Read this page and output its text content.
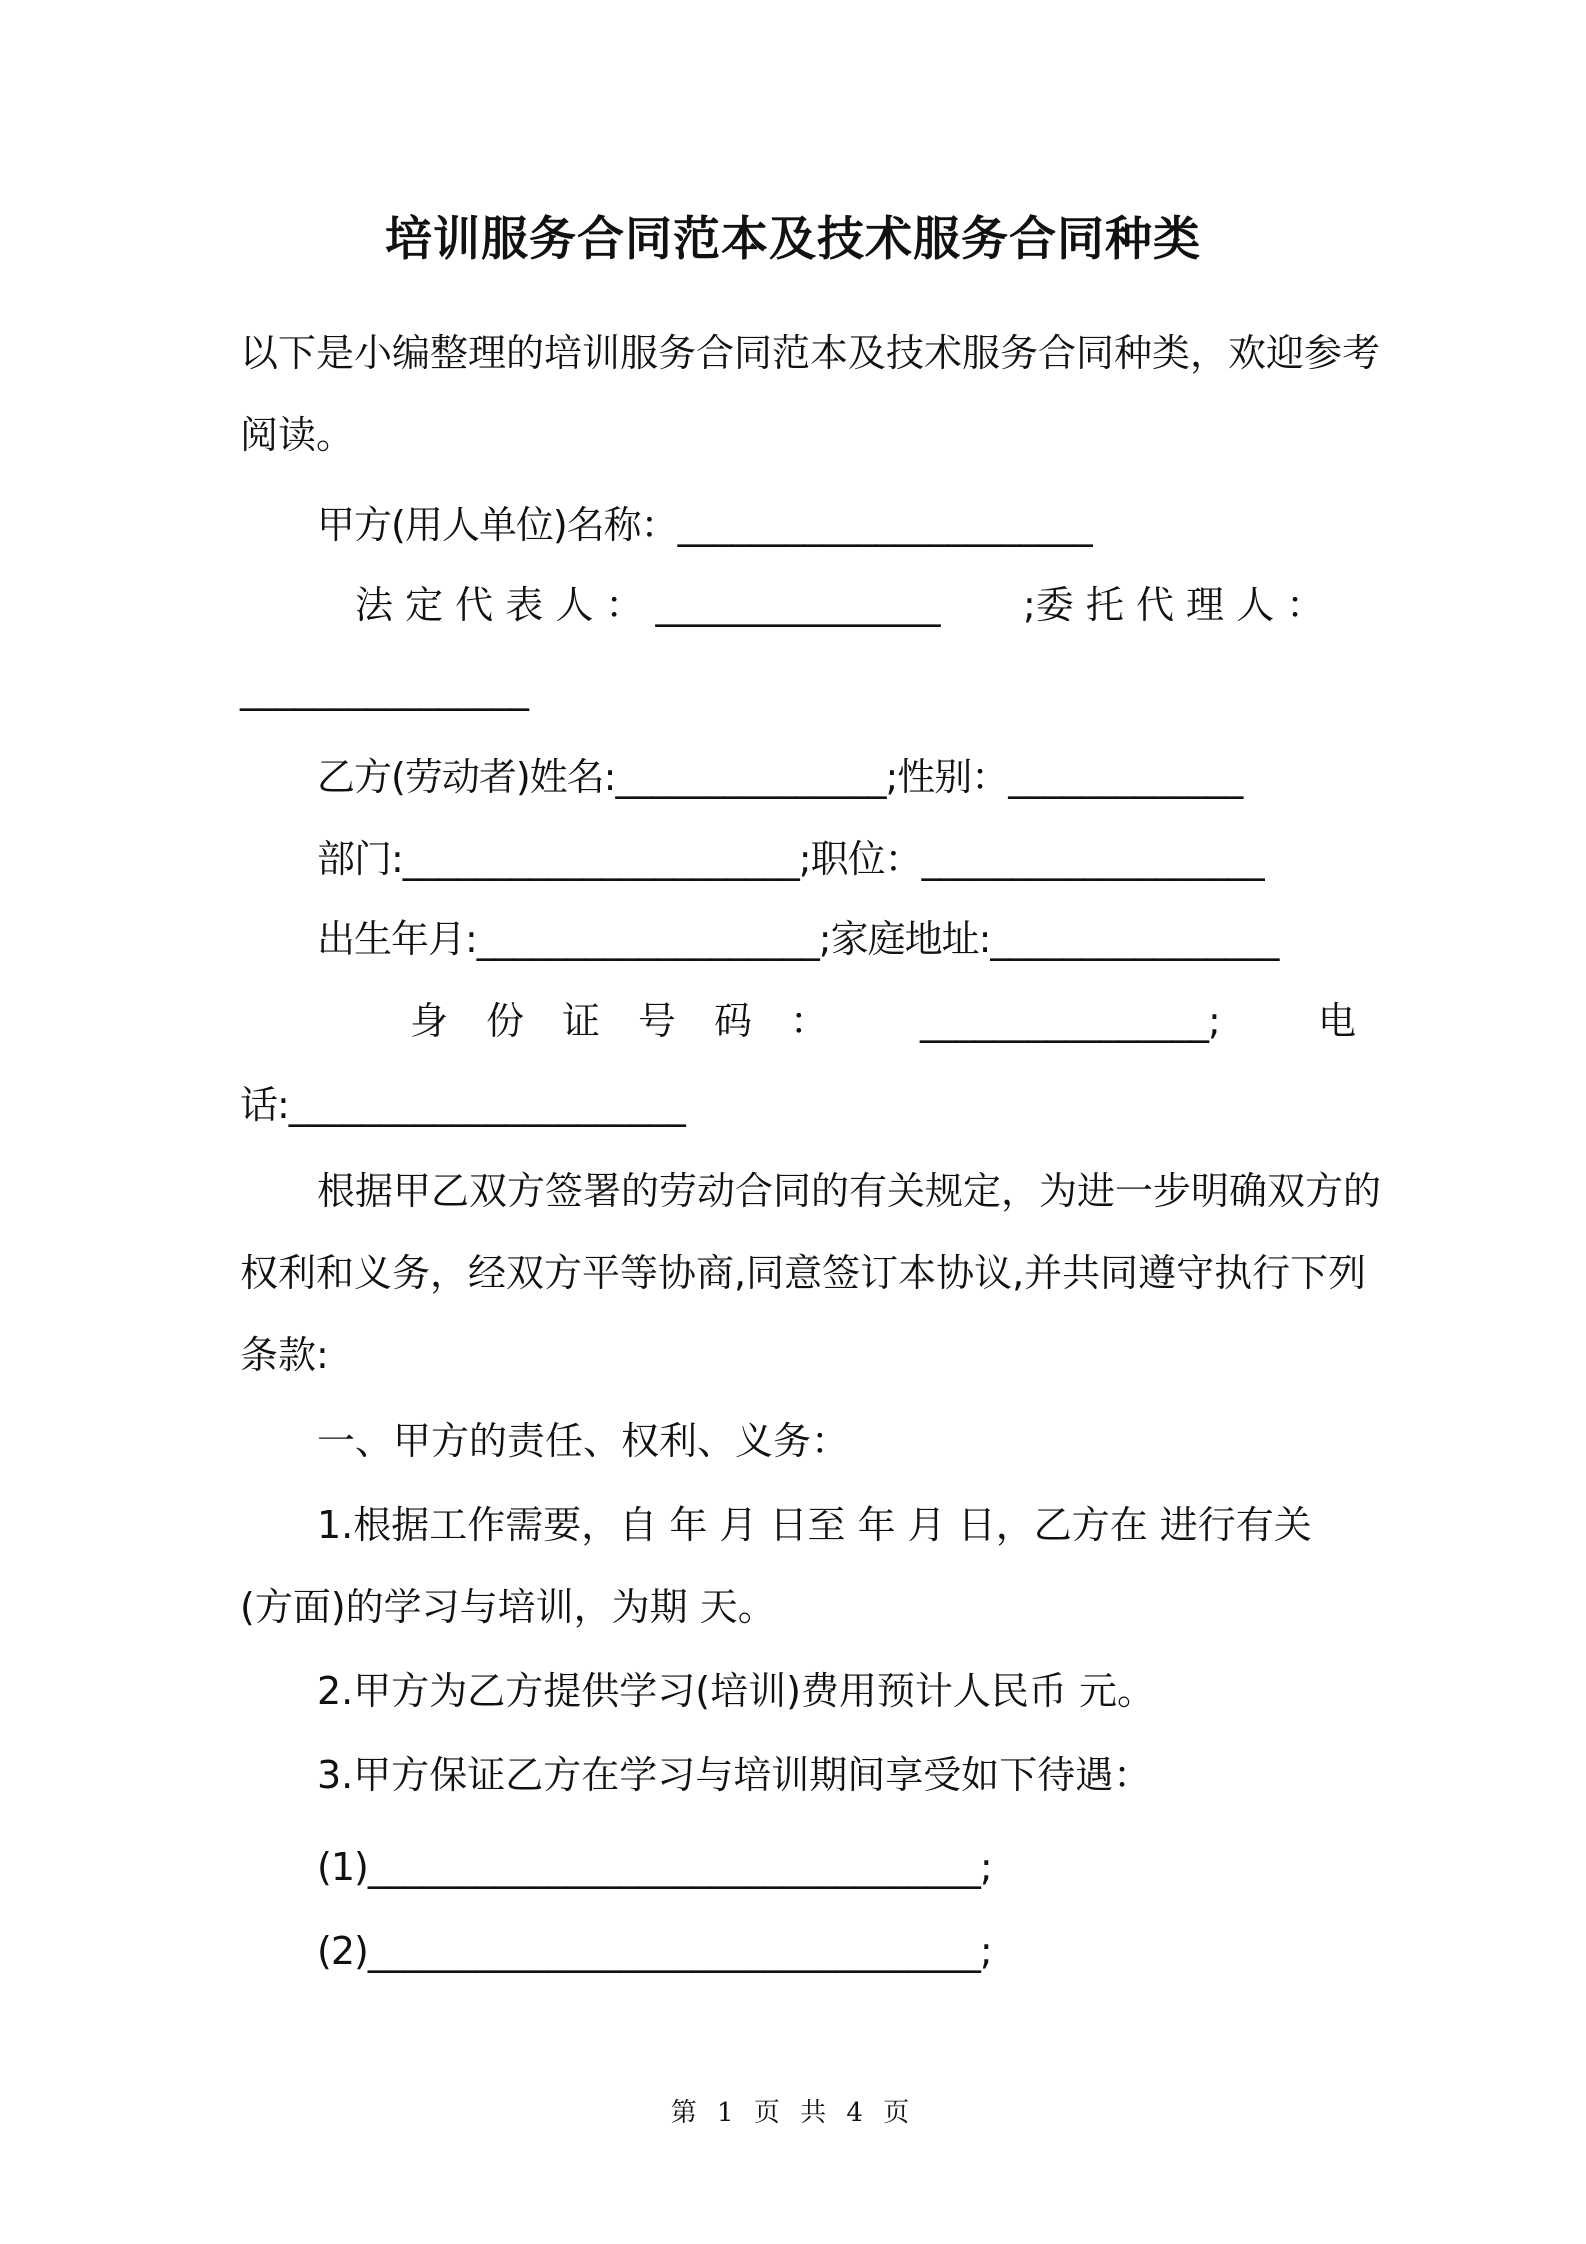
培训服务合同范本及技术服务合同种类
以下是小编整理的培训服务合同范本及技术服务合同种类，欢迎参考
阅读。
甲方(用人单位)名称：_______________________
法 定 代 表 人 ： _______________ ;委 托 代 理 人 ：
________________
乙方(劳动者)姓名:_______________;性别：_____________
部门:______________________;职位：___________________
出生年月:___________________;家庭地址:________________
身　份　证　号　码　： ________________;	电
话:______________________
根据甲乙双方签署的劳动合同的有关规定，为进一步明确双方的
权利和义务，经双方平等协商,同意签订本协议,并共同遵守执行下列
条款:
一、甲方的责任、权利、义务：
1.根据工作需要，自 年 月 日至 年 月 日，乙方在 进行有关
(方面)的学习与培训，为期 天。
2.甲方为乙方提供学习(培训)费用预计人民币 元。
3.甲方保证乙方在学习与培训期间享受如下待遇：
(1)__________________________________;
(2)__________________________________;
第 1 页 共 4 页
